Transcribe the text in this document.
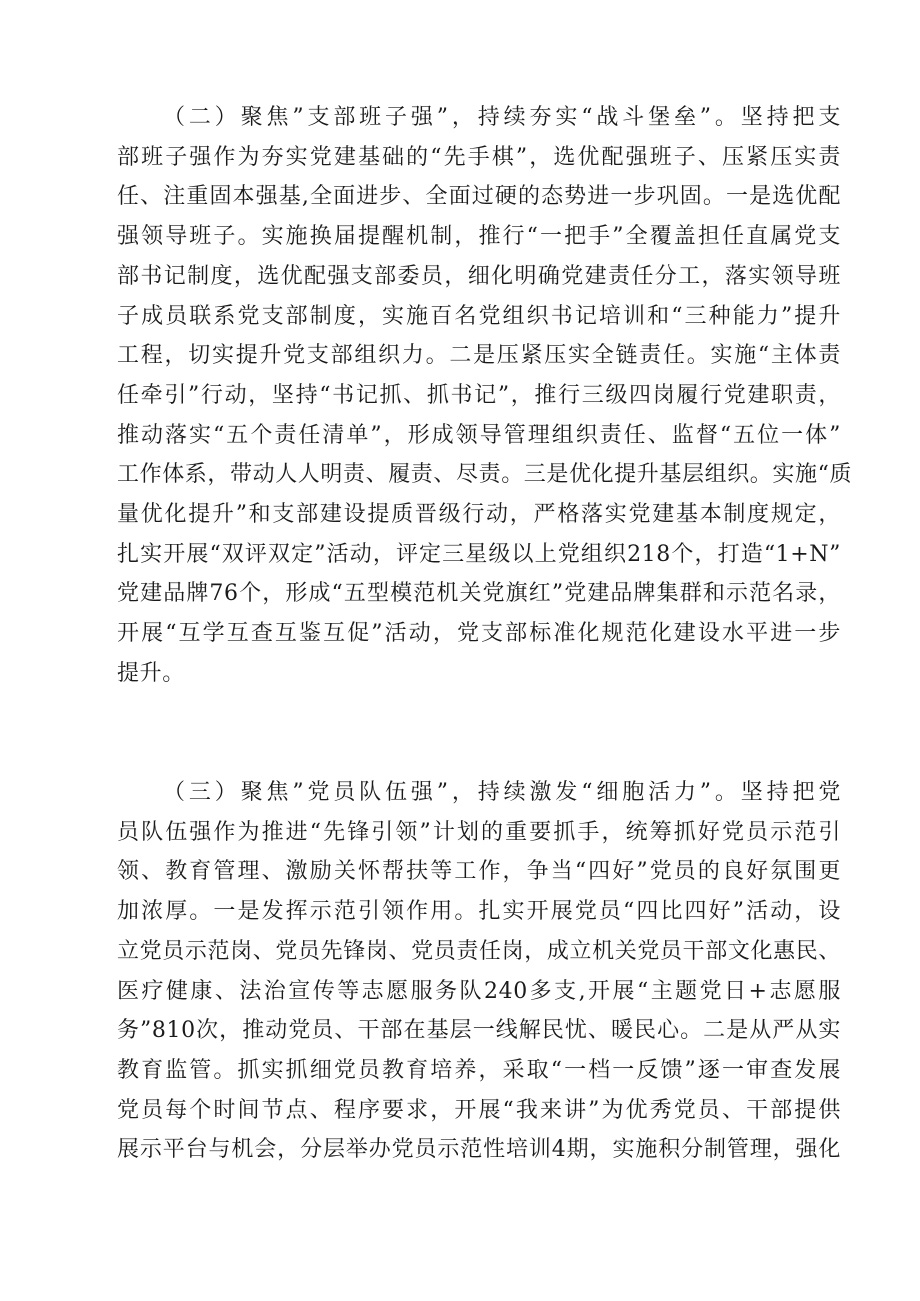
（二）聚焦”支部班子强”，持续夯实“战斗堡垒”。坚持把支
部班子强作为夯实党建基础的“先手棋”，选优配强班子、压紧压实责
任、注重固本强基,全面进步、全面过硬的态势进一步巩固。一是选优配
强领导班子。实施换届提醒机制，推行“一把手”全覆盖担任直属党支
部书记制度，选优配强支部委员，细化明确党建责任分工，落实领导班
子成员联系党支部制度，实施百名党组织书记培训和“三种能力”提升
工程，切实提升党支部组织力。二是压紧压实全链责任。实施“主体责
任牵引”行动，坚持“书记抓、抓书记”，推行三级四岗履行党建职责，
推动落实“五个责任清单”，形成领导管理组织责任、监督“五位一体”
工作体系，带动人人明责、履责、尽责。三是优化提升基层组织。实施“质
量优化提升”和支部建设提质晋级行动，严格落实党建基本制度规定，
扎实开展“双评双定”活动，评定三星级以上党组织218个，打造“1+N”
党建品牌76个，形成“五型模范机关党旗红”党建品牌集群和示范名录，
开展“互学互查互鉴互促”活动，党支部标准化规范化建设水平进一步
提升。

（三）聚焦”党员队伍强”，持续激发“细胞活力”。坚持把党
员队伍强作为推进“先锋引领”计划的重要抓手，统筹抓好党员示范引
领、教育管理、激励关怀帮扶等工作，争当“四好”党员的良好氛围更
加浓厚。一是发挥示范引领作用。扎实开展党员“四比四好”活动，设
立党员示范岗、党员先锋岗、党员责任岗，成立机关党员干部文化惠民、
医疗健康、法治宣传等志愿服务队240多支,开展“主题党日+志愿服
务”810次，推动党员、干部在基层一线解民忧、暖民心。二是从严从实
教育监管。抓实抓细党员教育培养，采取“一档一反馈”逐一审查发展
党员每个时间节点、程序要求，开展“我来讲”为优秀党员、干部提供
展示平台与机会，分层举办党员示范性培训4期，实施积分制管理，强化
